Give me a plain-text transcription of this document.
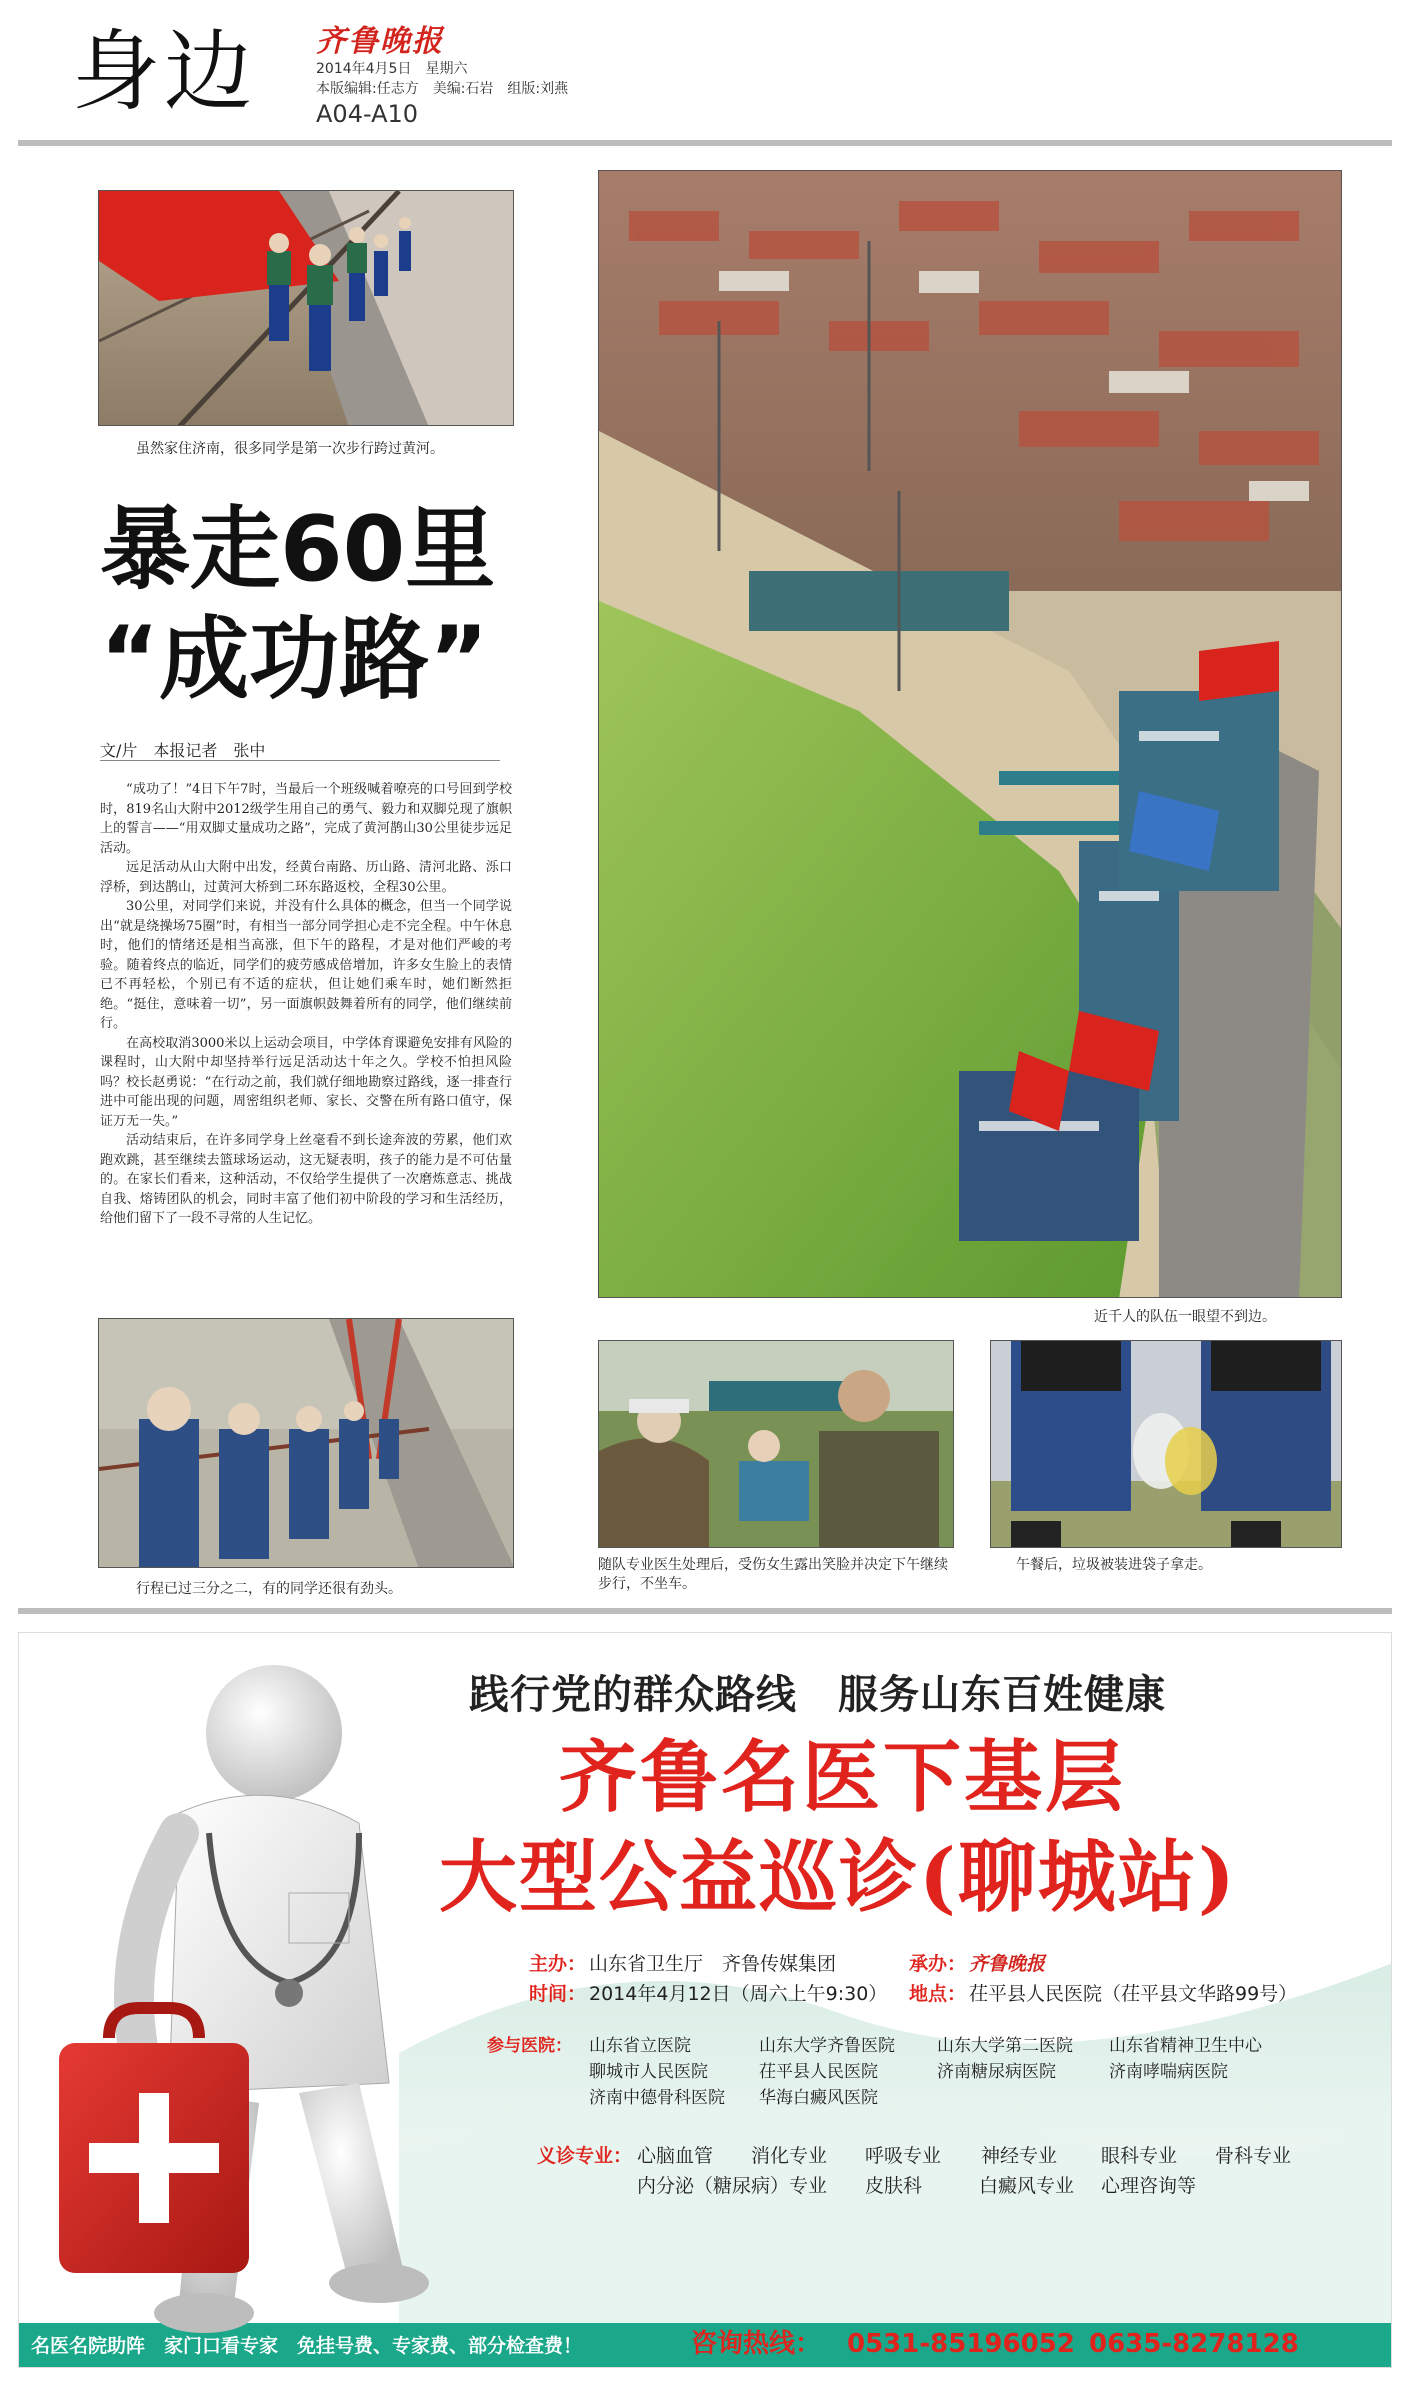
身边 齐鲁晚报
2014年4月5日　星期六
本版编辑:任志方　美编:石岩　组版:刘燕
A04-A10
虽然家住济南，很多同学是第一次步行跨过黄河。
暴走60里
“成功路”
文/片　本报记者　张中

“成功了！”4日下午7时，当最后一个班级喊着嘹亮的口号回到学校时，819名山大附中2012级学生用自己的勇气、毅力和双脚兑现了旗帜上的誓言——“用双脚丈量成功之路”，完成了黄河鹊山30公里徒步远足活动。

远足活动从山大附中出发，经黄台南路、历山路、清河北路、泺口浮桥，到达鹊山，过黄河大桥到二环东路返校，全程30公里。

30公里，对同学们来说，并没有什么具体的概念，但当一个同学说出“就是绕操场75圈”时，有相当一部分同学担心走不完全程。中午休息时，他们的情绪还是相当高涨，但下午的路程，才是对他们严峻的考验。随着终点的临近，同学们的疲劳感成倍增加，许多女生脸上的表情已不再轻松，个别已有不适的症状，但让她们乘车时，她们断然拒绝。“挺住，意味着一切”，另一面旗帜鼓舞着所有的同学，他们继续前行。

在高校取消3000米以上运动会项目，中学体育课避免安排有风险的课程时，山大附中却坚持举行远足活动达十年之久。学校不怕担风险吗？校长赵勇说：“在行动之前，我们就仔细地勘察过路线，逐一排查行进中可能出现的问题，周密组织老师、家长、交警在所有路口值守，保证万无一失。”

活动结束后，在许多同学身上丝毫看不到长途奔波的劳累，他们欢跑欢跳，甚至继续去篮球场运动，这无疑表明，孩子的能力是不可估量的。在家长们看来，这种活动，不仅给学生提供了一次磨炼意志、挑战自我、熔铸团队的机会，同时丰富了他们初中阶段的学习和生活经历，给他们留下了一段不寻常的人生记忆。

近千人的队伍一眼望不到边。
行程已过三分之二，有的同学还很有劲头。
随队专业医生处理后，受伤女生露出笑脸并决定下午继续步行，不坐车。
午餐后，垃圾被装进袋子拿走。
践行党的群众路线　服务山东百姓健康
齐鲁名医下基层
大型公益巡诊(聊城站)
主办： 山东省卫生厅　齐鲁传媒集团	承办： 齐鲁晚报
时间： 2014年4月12日（周六上午9:30） 地点： 茌平县人民医院（茌平县文华路99号）
参与医院： 山东省立医院	山东大学齐鲁医院 山东大学第二医院 山东省精神卫生中心
聊城市人民医院	茌平县人民医院	济南糖尿病医院	济南哮喘病医院
济南中德骨科医院 华海白癜风医院
义诊专业： 心脑血管 消化专业 呼吸专业 神经专业 眼科专业 骨科专业
内分泌（糖尿病）专业 皮肤科	白癜风专业 心理咨询等
名医名院助阵　家门口看专家　免挂号费、专家费、部分检查费！	咨询热线： 0531-85196052 0635-8278128
